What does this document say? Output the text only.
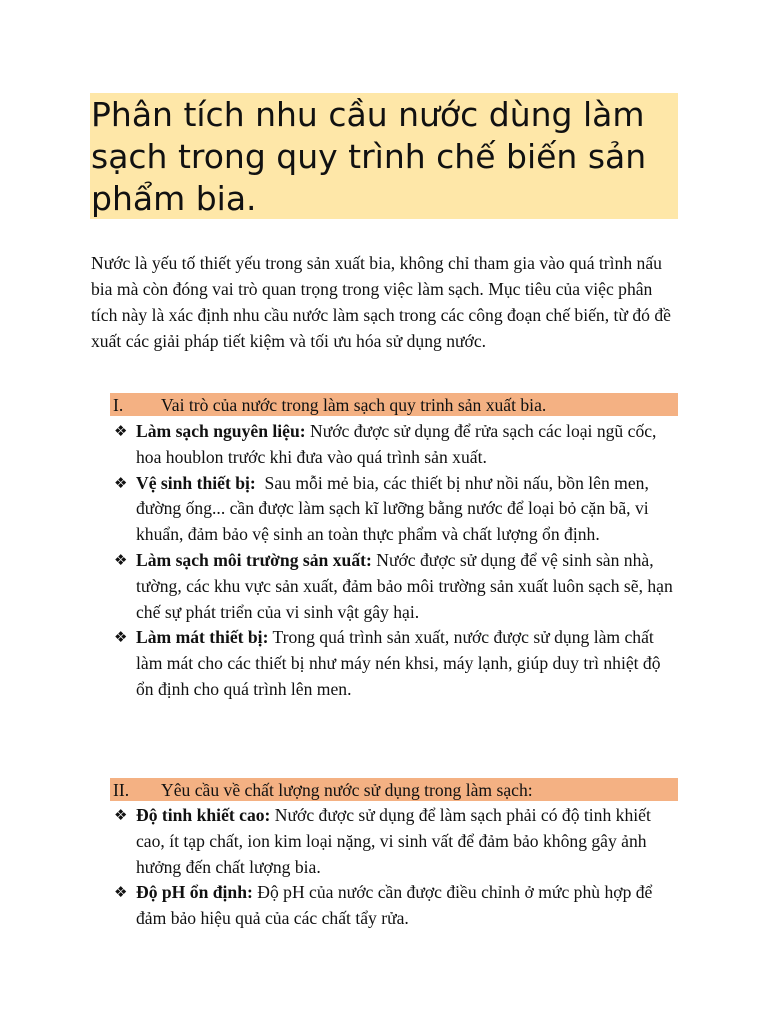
Phân tích nhu cầu nước dùng làm sạch trong quy trình chế biến sản phẩm bia.

Nước là yếu tố thiết yếu trong sản xuất bia, không chỉ tham gia vào quá trình nấu bia mà còn đóng vai trò quan trọng trong việc làm sạch. Mục tiêu của việc phân tích này là xác định nhu cầu nước làm sạch trong các công đoạn chế biến, từ đó đề xuất các giải pháp tiết kiệm và tối ưu hóa sử dụng nước.

I. Vai trò của nước trong làm sạch quy trinh sản xuất bia.
❖ Làm sạch nguyên liệu: Nước được sử dụng để rửa sạch các loại ngũ cốc, hoa houblon trước khi đưa vào quá trình sản xuất.
❖ Vệ sinh thiết bị:  Sau mỗi mẻ bia, các thiết bị như nồi nấu, bồn lên men, đường ống... cần được làm sạch kĩ lưỡng bằng nước để loại bỏ cặn bã, vi khuẩn, đảm bảo vệ sinh an toàn thực phẩm và chất lượng ổn định.
❖ Làm sạch môi trường sản xuất: Nước được sử dụng để vệ sinh sàn nhà, tường, các khu vực sản xuất, đảm bảo môi trường sản xuất luôn sạch sẽ, hạn chế sự phát triển của vi sinh vật gây hại.
❖ Làm mát thiết bị: Trong quá trình sản xuất, nước được sử dụng làm chất làm mát cho các thiết bị như máy nén khsi, máy lạnh, giúp duy trì nhiệt độ ổn định cho quá trình lên men.
II. Yêu cầu về chất lượng nước sử dụng trong làm sạch:
❖ Độ tinh khiết cao: Nước được sử dụng để làm sạch phải có độ tinh khiết cao, ít tạp chất, ion kim loại nặng, vi sinh vất để đảm bảo không gây ảnh hưởng đến chất lượng bia.
❖ Độ pH ổn định: Độ pH của nước cần được điều chỉnh ở mức phù hợp để đảm bảo hiệu quả của các chất tẩy rửa.
